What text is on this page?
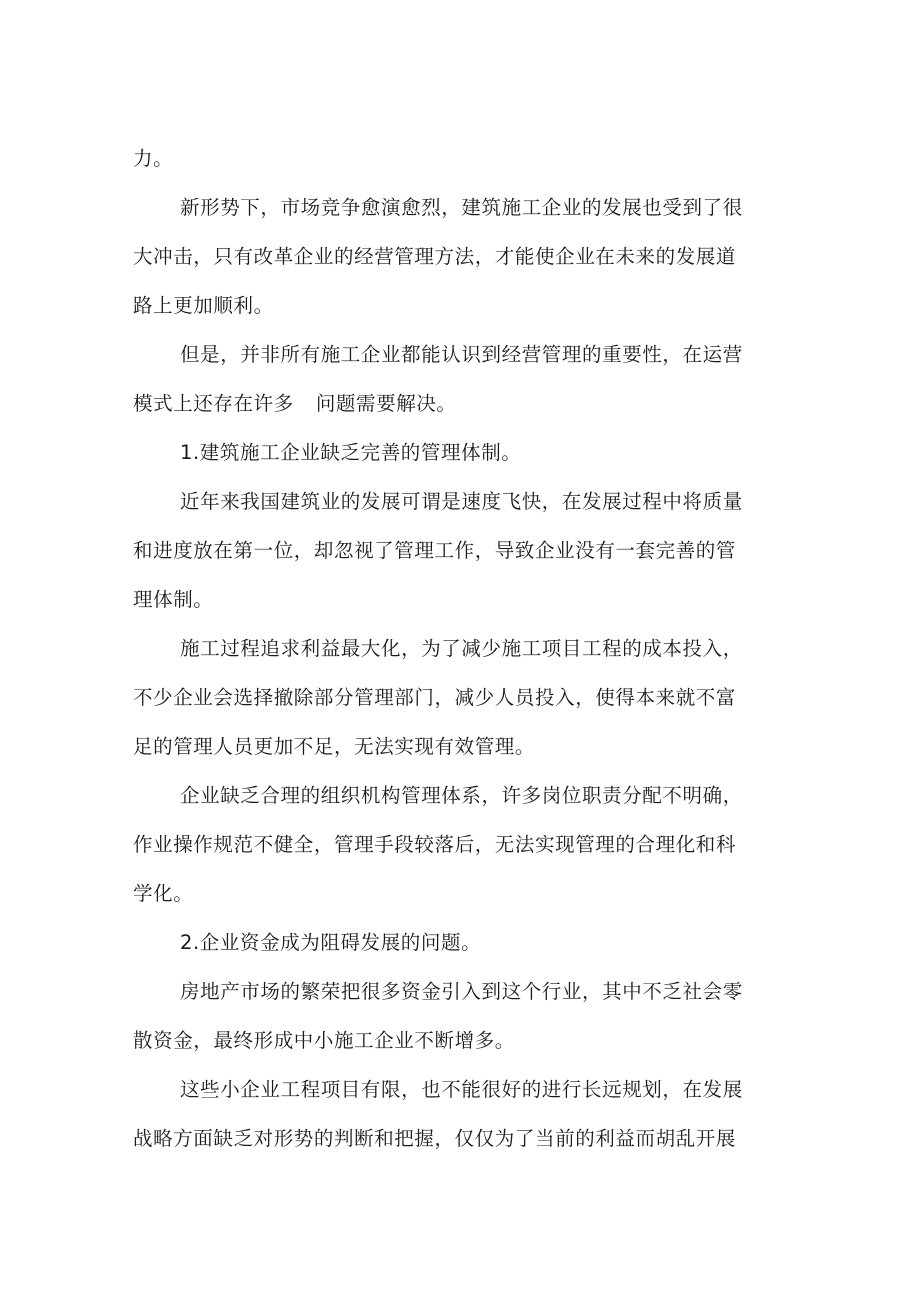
力。

新形势下，市场竞争愈演愈烈，建筑施工企业的发展也受到了很

大冲击，只有改革企业的经营管理方法，才能使企业在未来的发展道

路上更加顺利。

但是，并非所有施工企业都能认识到经营管理的重要性，在运营

模式上还存在许多 问题需要解决。

1.建筑施工企业缺乏完善的管理体制。

近年来我国建筑业的发展可谓是速度飞快，在发展过程中将质量

和进度放在第一位，却忽视了管理工作，导致企业没有一套完善的管

理体制。

施工过程追求利益最大化，为了减少施工项目工程的成本投入，

不少企业会选择撤除部分管理部门，减少人员投入，使得本来就不富

足的管理人员更加不足，无法实现有效管理。

企业缺乏合理的组织机构管理体系，许多岗位职责分配不明确，

作业操作规范不健全，管理手段较落后，无法实现管理的合理化和科

学化。

2.企业资金成为阻碍发展的问题。

房地产市场的繁荣把很多资金引入到这个行业，其中不乏社会零

散资金，最终形成中小施工企业不断增多。

这些小企业工程项目有限，也不能很好的进行长远规划，在发展

战略方面缺乏对形势的判断和把握，仅仅为了当前的利益而胡乱开展
